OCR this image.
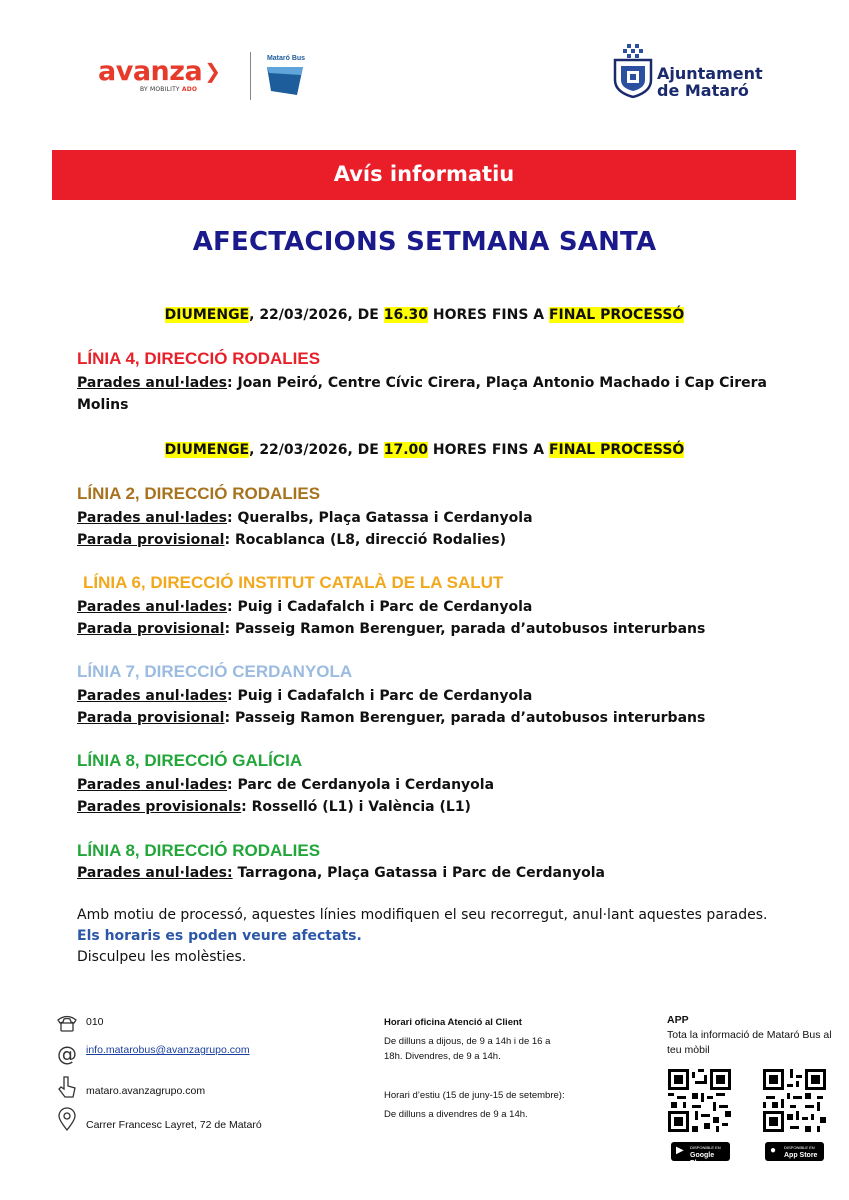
avanza ❯
BY MOBILITY ADO
Mataró Bus
Ajuntament
de Mataró
Avís informatiu
AFECTACIONS SETMANA SANTA
DIUMENGE, 22/03/2026, DE 16.30 HORES FINS A FINAL PROCESSÓ
LÍNIA 4, DIRECCIÓ RODALIES
Parades anul·lades: Joan Peiró, Centre Cívic Cirera, Plaça Antonio Machado i Cap Cirera
Molins
DIUMENGE, 22/03/2026, DE 17.00 HORES FINS A FINAL PROCESSÓ
LÍNIA 2, DIRECCIÓ RODALIES
Parades anul·lades: Queralbs, Plaça Gatassa i Cerdanyola
Parada provisional: Rocablanca (L8, direcció Rodalies)
LÍNIA 6, DIRECCIÓ INSTITUT CATALÀ DE LA SALUT
Parades anul·lades: Puig i Cadafalch i Parc de Cerdanyola
Parada provisional: Passeig Ramon Berenguer, parada d’autobusos interurbans
LÍNIA 7, DIRECCIÓ CERDANYOLA
Parades anul·lades: Puig i Cadafalch i Parc de Cerdanyola
Parada provisional: Passeig Ramon Berenguer, parada d’autobusos interurbans
LÍNIA 8, DIRECCIÓ GALÍCIA
Parades anul·lades: Parc de Cerdanyola i Cerdanyola
Parades provisionals: Rosselló (L1) i València (L1)
LÍNIA 8, DIRECCIÓ RODALIES
Parades anul·lades: Tarragona, Plaça Gatassa i Parc de Cerdanyola
Amb motiu de processó, aquestes línies modifiquen el seu recorregut, anul·lant aquestes parades.
Els horaris es poden veure afectats.
Disculpeu les molèsties.
010
@ info.matarobus@avanzagrupo.com
mataro.avanzagrupo.com
Carrer Francesc Layret, 72 de Mataró
Horari oficina Atenció al Client
De dilluns a dijous, de 9 a 14h i de 16 a
18h. Divendres, de 9 a 14h.
Horari d’estiu (15 de juny-15 de setembre):
De dilluns a divendres de 9 a 14h.
APP
Tota la informació de Mataró Bus al
teu mòbil
▶ DISPONIBLE EN
Google Play
● DISPONIBLE EN
App Store
